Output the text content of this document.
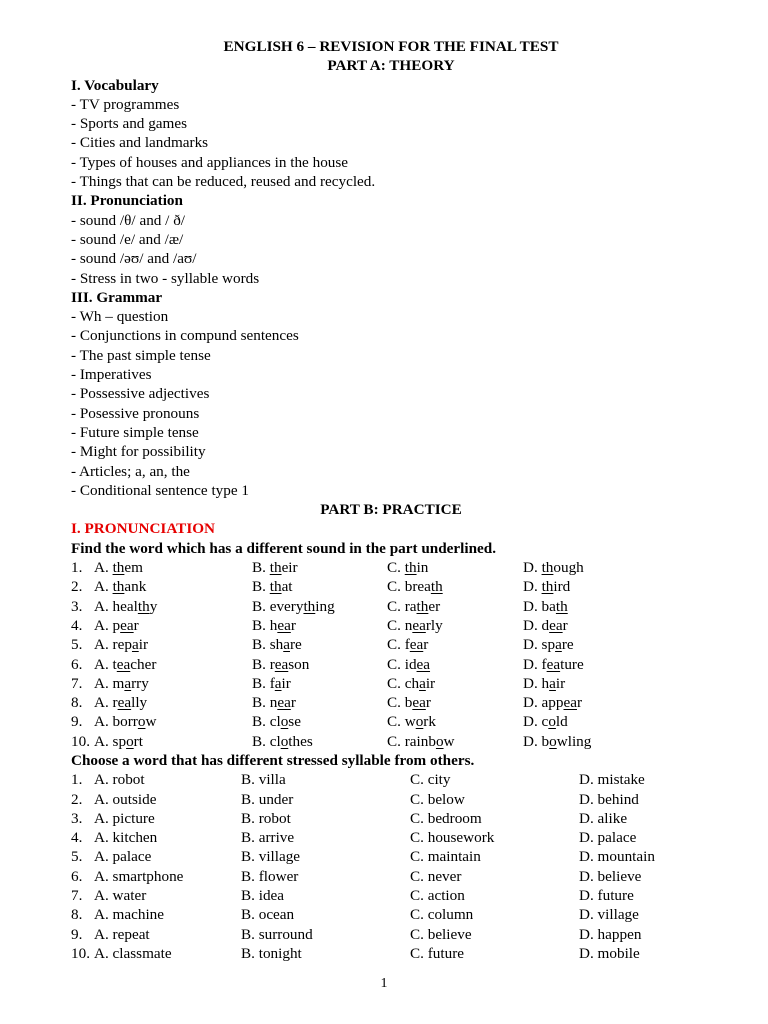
ENGLISH 6 – REVISION FOR THE FINAL TEST
PART A: THEORY
I. Vocabulary
- TV programmes
- Sports and games
- Cities and landmarks
- Types of houses and appliances in the house
- Things that can be reduced, reused and recycled.
II. Pronunciation
- sound /θ/ and / ð/
- sound /e/ and /æ/
- sound /əʊ/ and /aʊ/
- Stress in two - syllable words
III. Grammar
- Wh – question
- Conjunctions in compund sentences
- The past simple tense
- Imperatives
- Possessive adjectives
- Posessive pronouns
- Future simple tense
- Might for possibility
- Articles; a, an, the
- Conditional sentence type 1
PART B: PRACTICE
I. PRONUNCIATION
Find the word which has a different sound in the part underlined.
1. A. them	B. their	C. thin	D. though
2. A. thank	B. that	C. breath	D. third
3. A. healthy	B. everything	C. rather	D. bath
4. A. pear	B. hear	C. nearly	D. dear
5. A. repair	B. share	C. fear	D. spare
6. A. teacher	B. reason	C. idea	D. feature
7. A. marry	B. fair	C. chair	D. hair
8. A. really	B. near	C. bear	D. appear
9. A. borrow	B. close	C. work	D. cold
10. A. sport	B. clothes	C. rainbow	D. bowling
Choose a word that has different stressed syllable from others.
1. A. robot	B. villa	C. city	D. mistake
2. A. outside	B. under	C. below	D. behind
3. A. picture	B. robot	C. bedroom	D. alike
4. A. kitchen	B. arrive	C. housework	D. palace
5. A. palace	B. village	C. maintain	D. mountain
6. A. smartphone	B. flower	C. never	D. believe
7. A. water	B. idea	C. action	D. future
8. A. machine	B. ocean	C. column	D. village
9. A. repeat	B. surround	C. believe	D. happen
10. A. classmate	B. tonight	C. future	D. mobile
1
